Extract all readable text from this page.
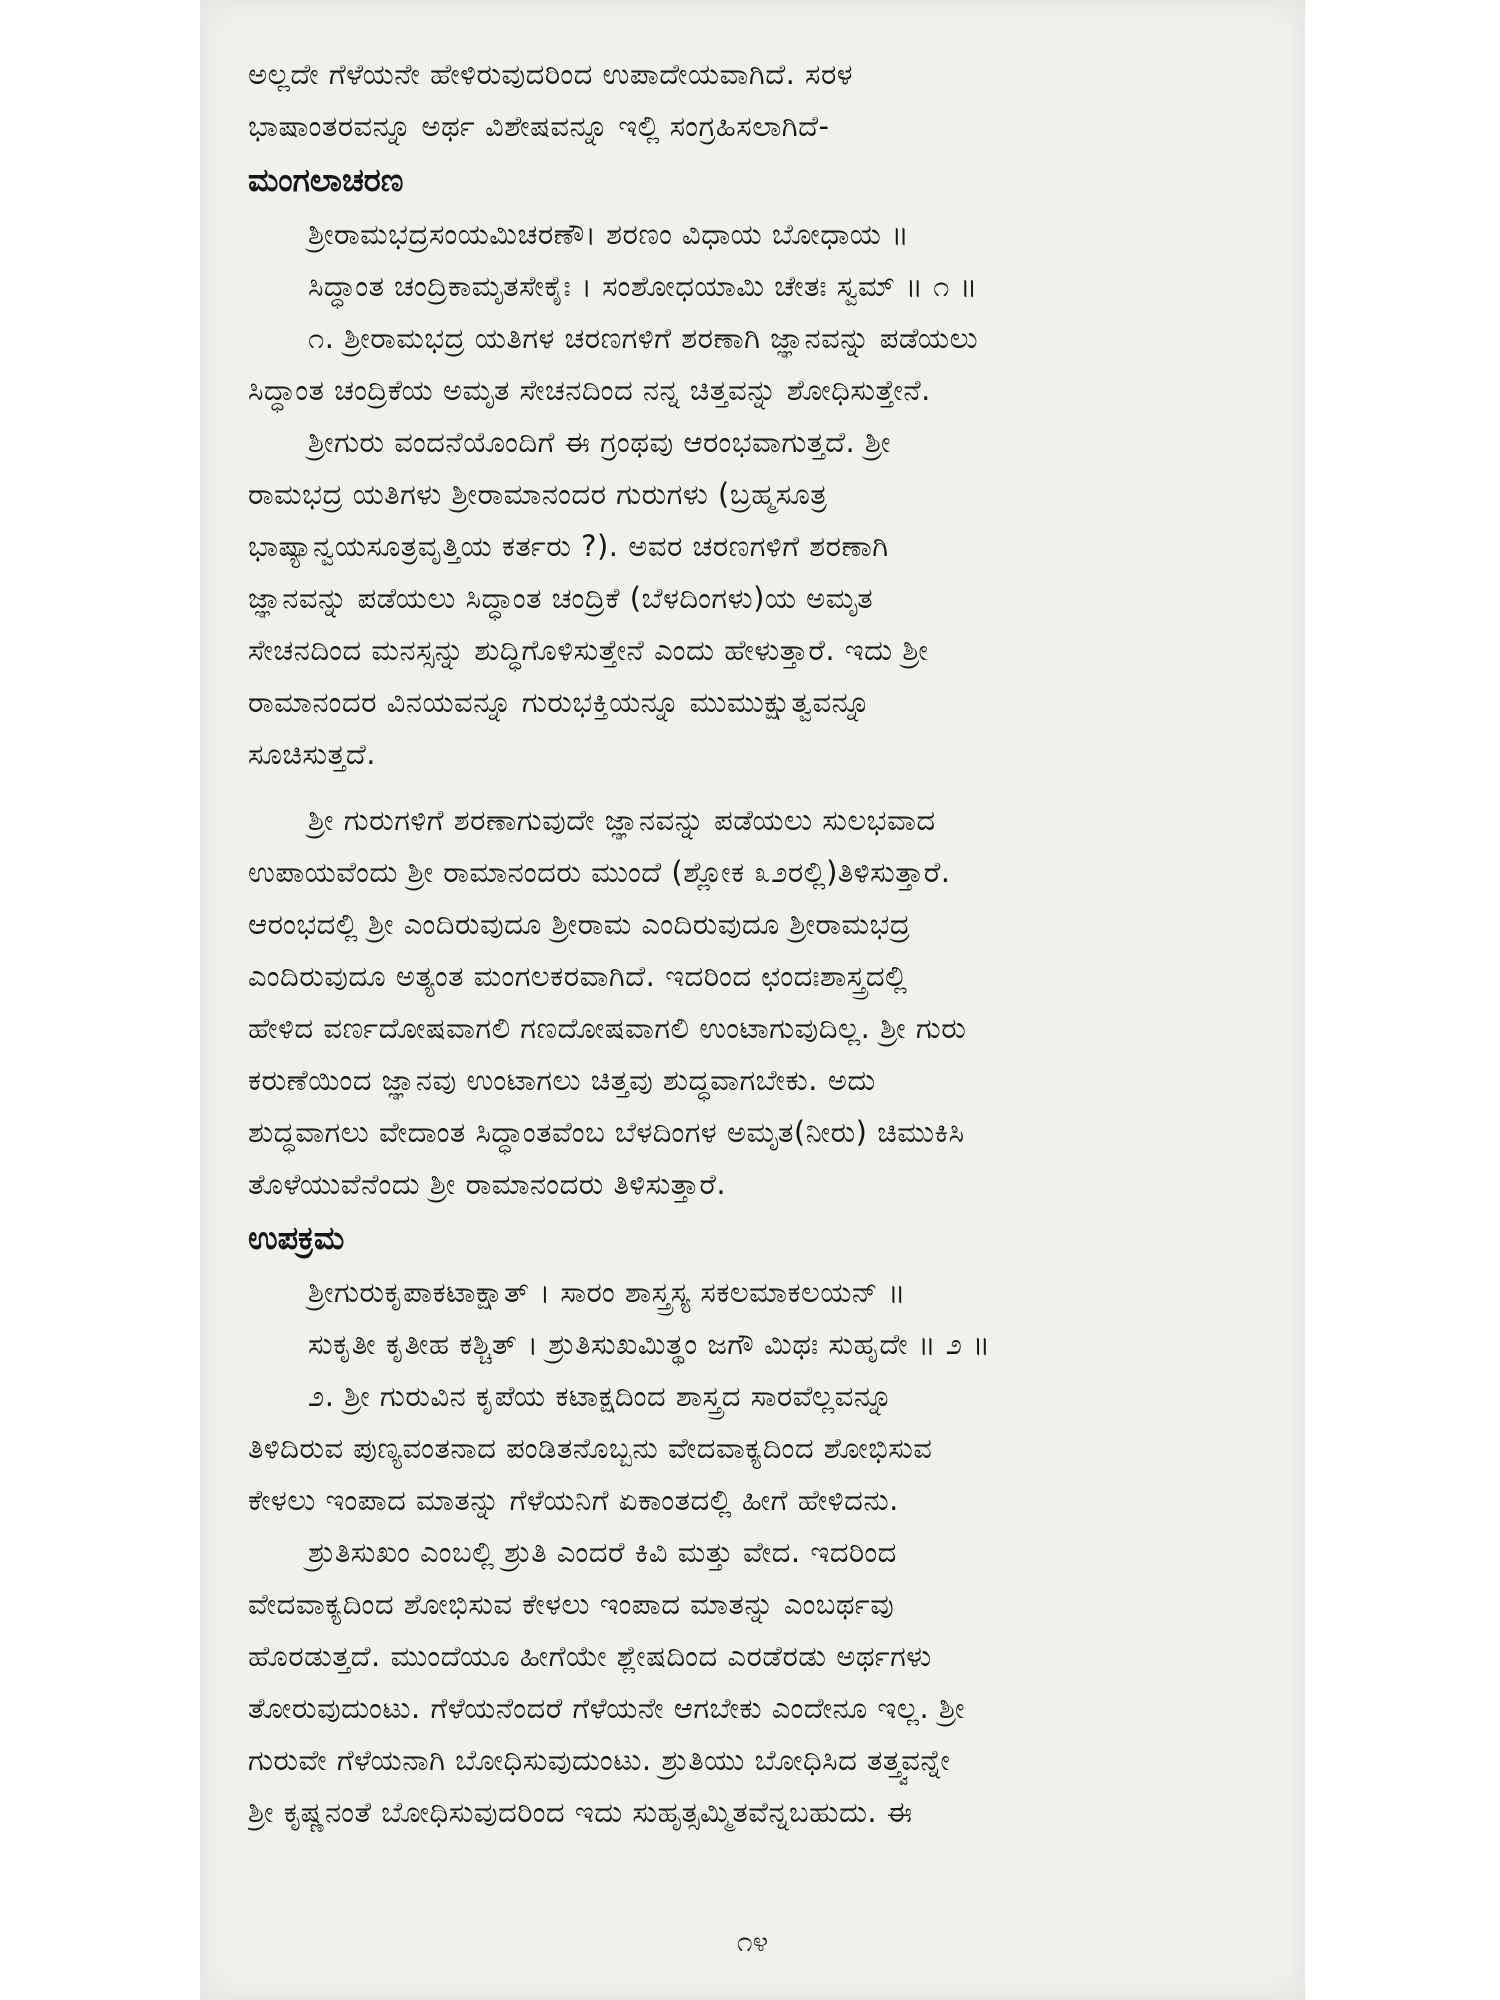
ಅಲ್ಲದೇ ಗೆಳೆಯನೇ ಹೇಳಿರುವುದರಿಂದ ಉಪಾದೇಯವಾಗಿದೆ. ಸರಳ
ಭಾಷಾಂತರವನ್ನೂ ಅರ್ಥ ವಿಶೇಷವನ್ನೂ ಇಲ್ಲಿ ಸಂಗ್ರಹಿಸಲಾಗಿದೆ-
ಮಂಗಲಾಚರಣ
ಶ್ರೀರಾಮಭದ್ರಸಂಯಮಿಚರಣೌ। ಶರಣಂ ವಿಧಾಯ ಬೋಧಾಯ ॥
ಸಿದ್ಧಾಂತ ಚಂದ್ರಿಕಾಮೃತಸೇಕೈಃ । ಸಂಶೋಧಯಾಮಿ ಚೇತಃ ಸ್ವಮ್ ॥ ೧ ॥
೧. ಶ್ರೀರಾಮಭದ್ರ ಯತಿಗಳ ಚರಣಗಳಿಗೆ ಶರಣಾಗಿ ಜ್ಞಾನವನ್ನು ಪಡೆಯಲು
ಸಿದ್ಧಾಂತ ಚಂದ್ರಿಕೆಯ ಅಮೃತ ಸೇಚನದಿಂದ ನನ್ನ ಚಿತ್ತವನ್ನು ಶೋಧಿಸುತ್ತೇನೆ.
ಶ್ರೀಗುರು ವಂದನೆಯೊಂದಿಗೆ ಈ ಗ್ರಂಥವು ಆರಂಭವಾಗುತ್ತದೆ. ಶ್ರೀ
ರಾಮಭದ್ರ ಯತಿಗಳು ಶ್ರೀರಾಮಾನಂದರ ಗುರುಗಳು (ಬ್ರಹ್ಮಸೂತ್ರ
ಭಾಷ್ಯಾನ್ವಯಸೂತ್ರವೃತ್ತಿಯ ಕರ್ತರು ?). ಅವರ ಚರಣಗಳಿಗೆ ಶರಣಾಗಿ
ಜ್ಞಾನವನ್ನು ಪಡೆಯಲು ಸಿದ್ಧಾಂತ ಚಂದ್ರಿಕೆ (ಬೆಳದಿಂಗಳು)ಯ ಅಮೃತ
ಸೇಚನದಿಂದ ಮನಸ್ಸನ್ನು ಶುದ್ಧಿಗೊಳಿಸುತ್ತೇನೆ ಎಂದು ಹೇಳುತ್ತಾರೆ. ಇದು ಶ್ರೀ
ರಾಮಾನಂದರ ವಿನಯವನ್ನೂ ಗುರುಭಕ್ತಿಯನ್ನೂ ಮುಮುಕ್ಷುತ್ವವನ್ನೂ
ಸೂಚಿಸುತ್ತದೆ.
ಶ್ರೀ ಗುರುಗಳಿಗೆ ಶರಣಾಗುವುದೇ ಜ್ಞಾನವನ್ನು ಪಡೆಯಲು ಸುಲಭವಾದ
ಉಪಾಯವೆಂದು ಶ್ರೀ ರಾಮಾನಂದರು ಮುಂದೆ (ಶ್ಲೋಕ ೩೨ರಲ್ಲಿ)ತಿಳಿಸುತ್ತಾರೆ.
ಆರಂಭದಲ್ಲಿ ಶ್ರೀ ಎಂದಿರುವುದೂ ಶ್ರೀರಾಮ ಎಂದಿರುವುದೂ ಶ್ರೀರಾಮಭದ್ರ
ಎಂದಿರುವುದೂ ಅತ್ಯಂತ ಮಂಗಲಕರವಾಗಿದೆ. ಇದರಿಂದ ಛಂದಃಶಾಸ್ತ್ರದಲ್ಲಿ
ಹೇಳಿದ ವರ್ಣದೋಷವಾಗಲಿ ಗಣದೋಷವಾಗಲಿ ಉಂಟಾಗುವುದಿಲ್ಲ. ಶ್ರೀ ಗುರು
ಕರುಣೆಯಿಂದ ಜ್ಞಾನವು ಉಂಟಾಗಲು ಚಿತ್ತವು ಶುದ್ಧವಾಗಬೇಕು. ಅದು
ಶುದ್ಧವಾಗಲು ವೇದಾಂತ ಸಿದ್ಧಾಂತವೆಂಬ ಬೆಳದಿಂಗಳ ಅಮೃತ(ನೀರು) ಚಿಮುಕಿಸಿ
ತೊಳೆಯುವೆನೆಂದು ಶ್ರೀ ರಾಮಾನಂದರು ತಿಳಿಸುತ್ತಾರೆ.
ಉಪಕ್ರಮ
ಶ್ರೀಗುರುಕೃಪಾಕಟಾಕ್ಷಾತ್ । ಸಾರಂ ಶಾಸ್ತ್ರಸ್ಯ ಸಕಲಮಾಕಲಯನ್ ॥
ಸುಕೃತೀ ಕೃತೀಹ ಕಶ್ಚಿತ್ । ಶ್ರುತಿಸುಖಮಿತ್ಥಂ ಜಗೌ ಮಿಥಃ ಸುಹೃದೇ ॥ ೨ ॥
೨. ಶ್ರೀ ಗುರುವಿನ ಕೃಪೆಯ ಕಟಾಕ್ಷದಿಂದ ಶಾಸ್ತ್ರದ ಸಾರವೆಲ್ಲವನ್ನೂ
ತಿಳಿದಿರುವ ಪುಣ್ಯವಂತನಾದ ಪಂಡಿತನೊಬ್ಬನು ವೇದವಾಕ್ಯದಿಂದ ಶೋಭಿಸುವ
ಕೇಳಲು ಇಂಪಾದ ಮಾತನ್ನು ಗೆಳೆಯನಿಗೆ ಏಕಾಂತದಲ್ಲಿ ಹೀಗೆ ಹೇಳಿದನು.
ಶ್ರುತಿಸುಖಂ ಎಂಬಲ್ಲಿ ಶ್ರುತಿ ಎಂದರೆ ಕಿವಿ ಮತ್ತು ವೇದ. ಇದರಿಂದ
ವೇದವಾಕ್ಯದಿಂದ ಶೋಭಿಸುವ ಕೇಳಲು ಇಂಪಾದ ಮಾತನ್ನು ಎಂಬರ್ಥವು
ಹೊರಡುತ್ತದೆ. ಮುಂದೆಯೂ ಹೀಗೆಯೇ ಶ್ಲೇಷದಿಂದ ಎರಡೆರಡು ಅರ್ಥಗಳು
ತೋರುವುದುಂಟು. ಗೆಳೆಯನೆಂದರೆ ಗೆಳೆಯನೇ ಆಗಬೇಕು ಎಂದೇನೂ ಇಲ್ಲ. ಶ್ರೀ
ಗುರುವೇ ಗೆಳೆಯನಾಗಿ ಬೋಧಿಸುವುದುಂಟು. ಶ್ರುತಿಯು ಬೋಧಿಸಿದ ತತ್ತ್ವವನ್ನೇ
ಶ್ರೀ ಕೃಷ್ಣನಂತೆ ಬೋಧಿಸುವುದರಿಂದ ಇದು ಸುಹೃತ್ಸಮ್ಮಿತವೆನ್ನಬಹುದು. ಈ
೧೪
